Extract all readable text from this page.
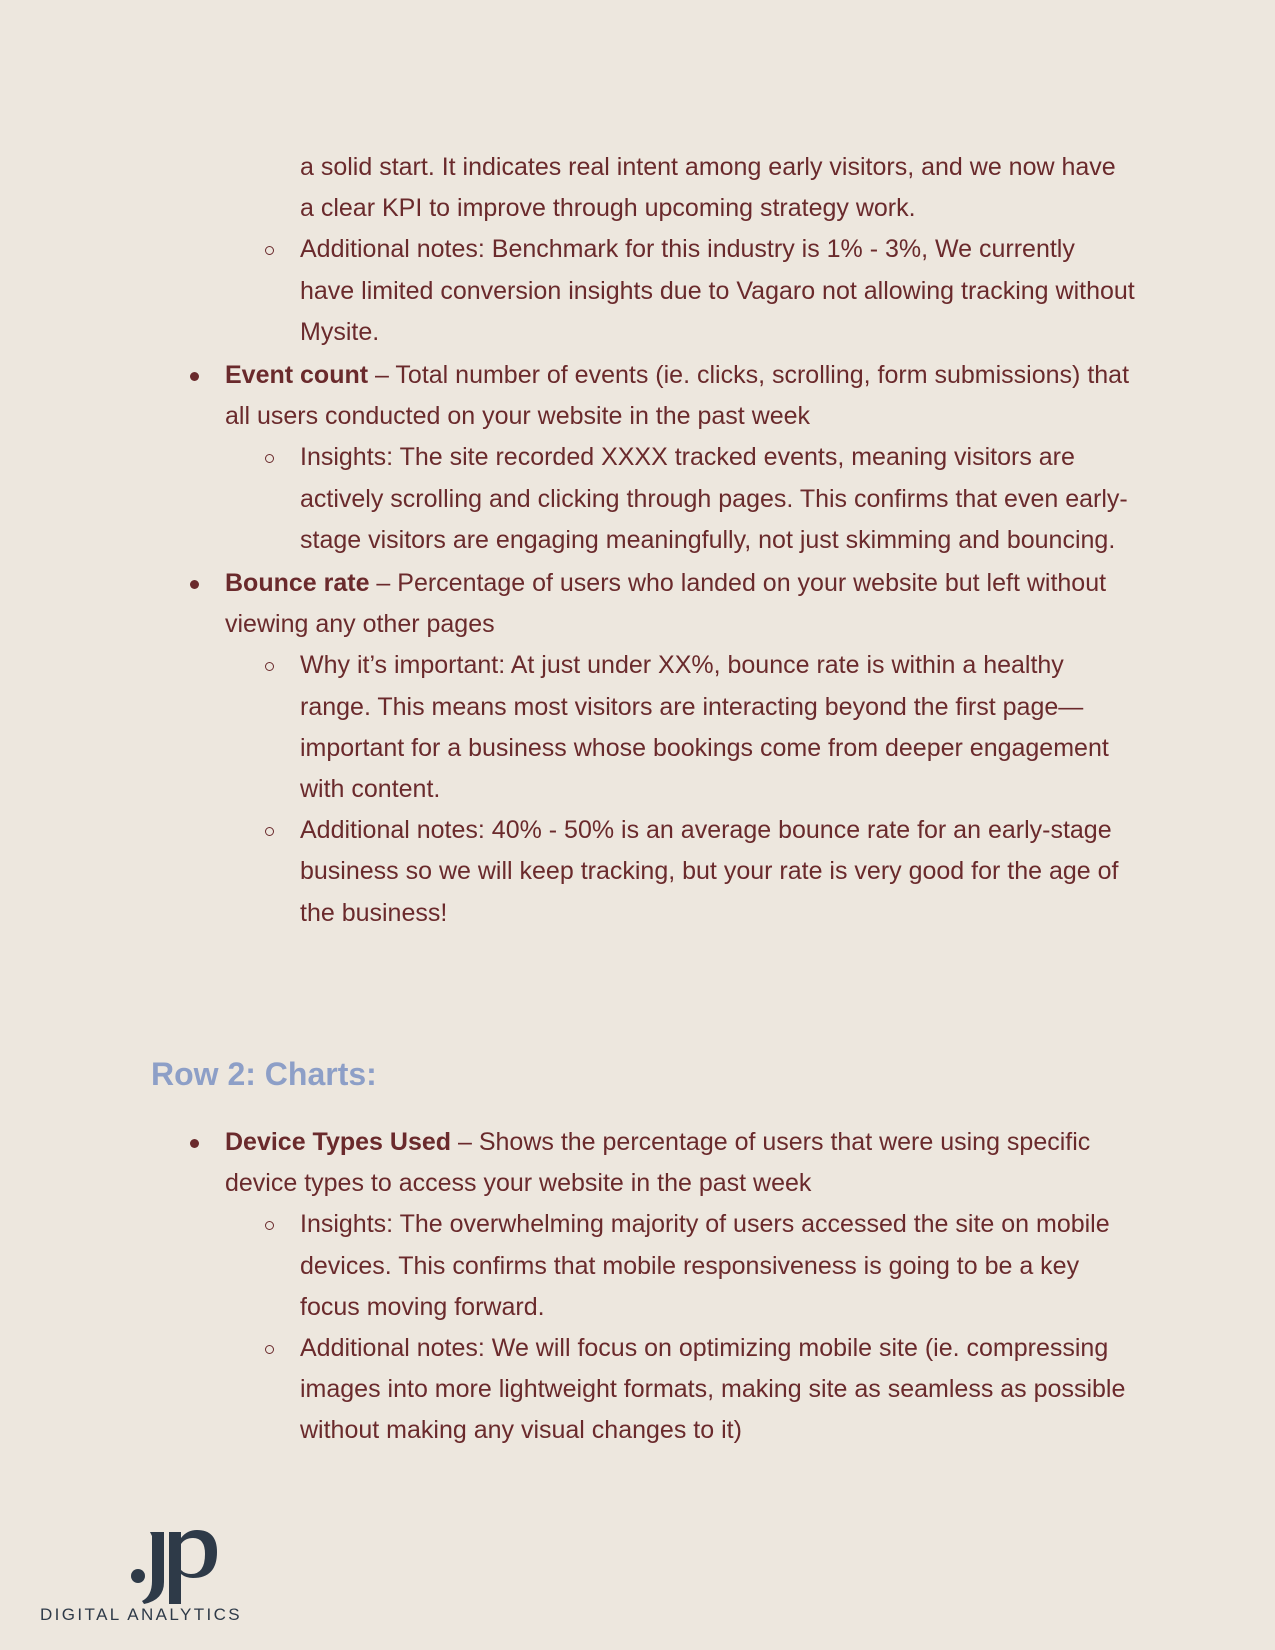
a solid start. It indicates real intent among early visitors, and we now have a clear KPI to improve through upcoming strategy work.
Additional notes: Benchmark for this industry is 1% - 3%, We currently have limited conversion insights due to Vagaro not allowing tracking without Mysite.
Event count – Total number of events (ie. clicks, scrolling, form submissions) that all users conducted on your website in the past week
Insights: The site recorded XXXX tracked events, meaning visitors are actively scrolling and clicking through pages. This confirms that even early-stage visitors are engaging meaningfully, not just skimming and bouncing.
Bounce rate – Percentage of users who landed on your website but left without viewing any other pages
Why it’s important: At just under XX%, bounce rate is within a healthy range. This means most visitors are interacting beyond the first page—important for a business whose bookings come from deeper engagement with content.
Additional notes: 40% - 50% is an average bounce rate for an early-stage business so we will keep tracking, but your rate is very good for the age of the business!
Row 2: Charts:
Device Types Used – Shows the percentage of users that were using specific device types to access your website in the past week
Insights: The overwhelming majority of users accessed the site on mobile devices. This confirms that mobile responsiveness is going to be a key focus moving forward.
Additional notes: We will focus on optimizing mobile site (ie. compressing images into more lightweight formats, making site as seamless as possible without making any visual changes to it)
DIGITAL ANALYTICS
